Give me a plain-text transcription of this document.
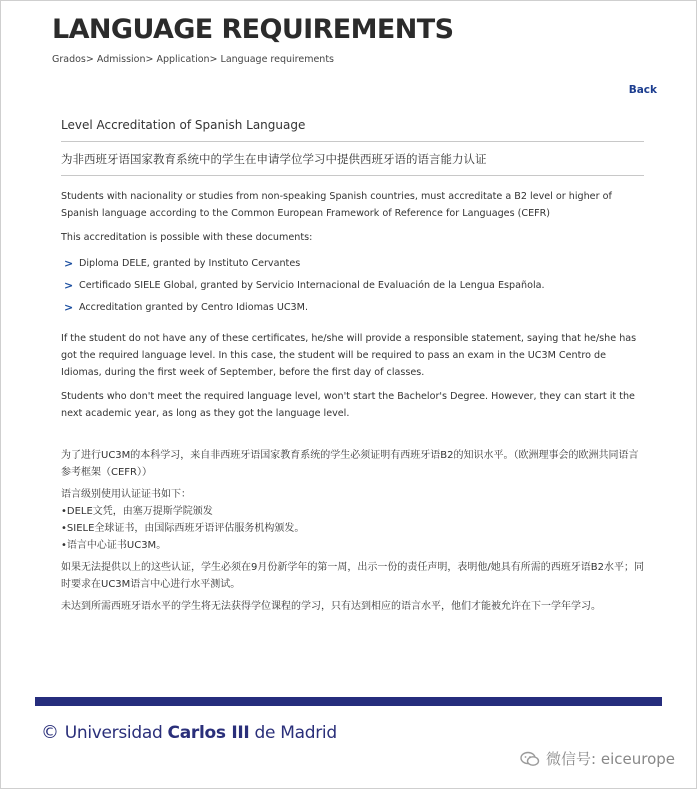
LANGUAGE REQUIREMENTS
Grados> Admission> Application> Language requirements
Back
Level Accreditation of Spanish Language
为非西班牙语国家教育系统中的学生在申请学位学习中提供西班牙语的语言能力认证

Students with nacionality or studies from non-speaking Spanish countries, must accreditate a B2 level or higher of Spanish language according to the Common European Framework of Reference for Languages (CEFR)

This accreditation is possible with these documents:

> Diploma DELE, granted by Instituto Cervantes
> Certificado SIELE Global, granted by Servicio Internacional de Evaluación de la Lengua Española.
> Accreditation granted by Centro Idiomas UC3M.

If the student do not have any of these certificates, he/she will provide a responsible statement, saying that he/she has got the required language level. In this case, the student will be required to pass an exam in the UC3M Centro de Idiomas, during the first week of September, before the first day of classes.

Students who don't meet the required language level, won't start the Bachelor's Degree. However, they can start it the next academic year, as long as they got the language level.

为了进行UC3M的本科学习，来自非西班牙语国家教育系统的学生必须证明有西班牙语B2的知识水平。（欧洲理事会的欧洲共同语言参考框架（CEFR））

语言级别使用认证证书如下：

•DELE文凭，由塞万提斯学院颁发
•SIELE全球证书，由国际西班牙语评估服务机构颁发。
•语言中心证书UC3M。

如果无法提供以上的这些认证，学生必须在9月份新学年的第一周，出示一份的责任声明，表明他/她具有所需的西班牙语B2水平；同时要求在UC3M语言中心进行水平测试。

未达到所需西班牙语水平的学生将无法获得学位课程的学习，只有达到相应的语言水平，他们才能被允许在下一学年学习。

© Universidad Carlos III de Madrid
微信号: eiceurope
